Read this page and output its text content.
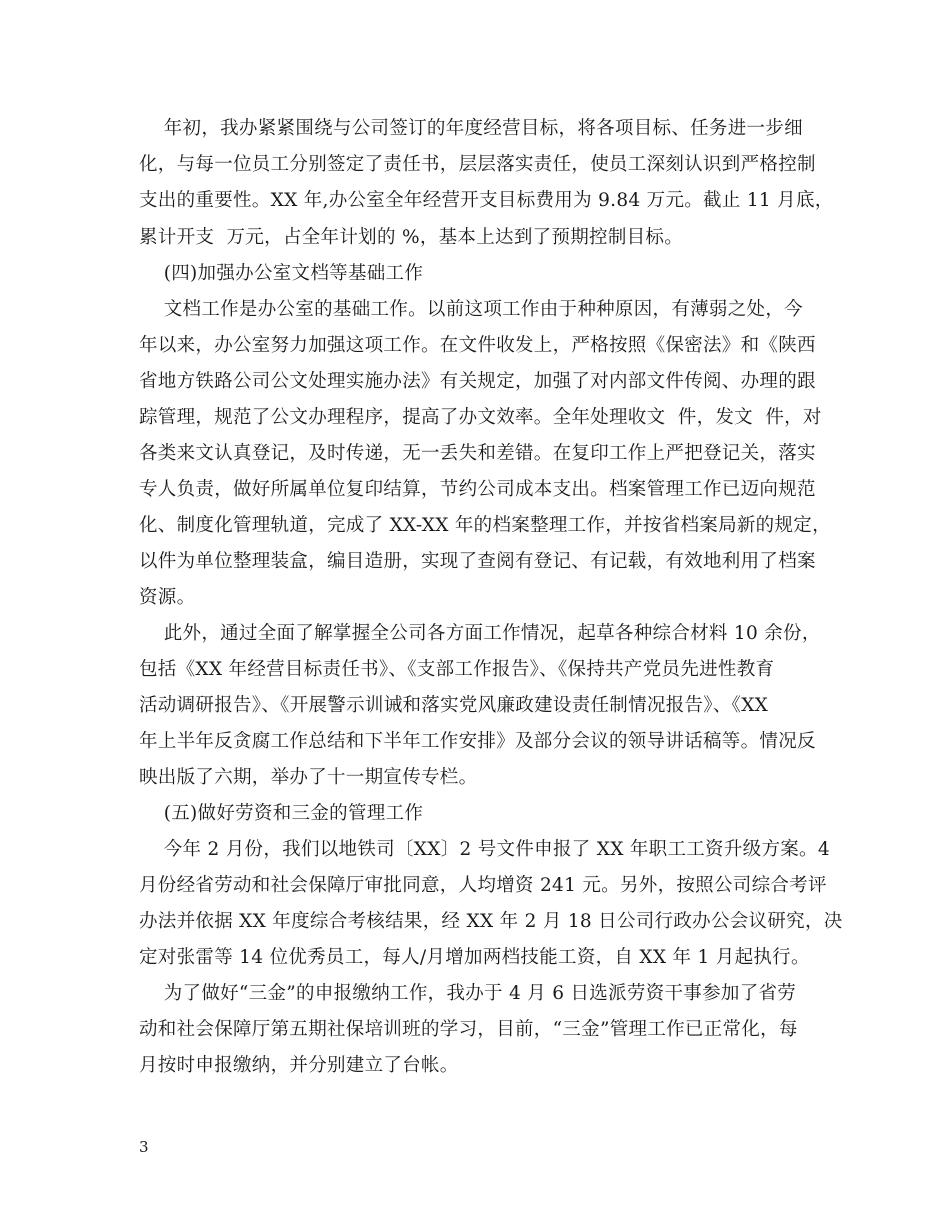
年初，我办紧紧围绕与公司签订的年度经营目标，将各项目标、任务进一步细
化，与每一位员工分别签定了责任书，层层落实责任，使员工深刻认识到严格控制
支出的重要性。XX 年,办公室全年经营开支目标费用为 9.84 万元。截止 11 月底，
累计开支  万元，占全年计划的 %，基本上达到了预期控制目标。
(四)加强办公室文档等基础工作
文档工作是办公室的基础工作。以前这项工作由于种种原因，有薄弱之处，今
年以来，办公室努力加强这项工作。在文件收发上，严格按照《保密法》和《陕西
省地方铁路公司公文处理实施办法》有关规定，加强了对内部文件传阅、办理的跟
踪管理，规范了公文办理程序，提高了办文效率。全年处理收文  件，发文  件，对
各类来文认真登记，及时传递，无一丢失和差错。在复印工作上严把登记关，落实
专人负责，做好所属单位复印结算，节约公司成本支出。档案管理工作已迈向规范
化、制度化管理轨道，完成了 XX-XX 年的档案整理工作，并按省档案局新的规定，
以件为单位整理装盒，编目造册，实现了查阅有登记、有记载，有效地利用了档案
资源。
此外，通过全面了解掌握全公司各方面工作情况，起草各种综合材料 10 余份，
包括《XX 年经营目标责任书》、《支部工作报告》、《保持共产党员先进性教育
活动调研报告》、《开展警示训诫和落实党风廉政建设责任制情况报告》、《XX
年上半年反贪腐工作总结和下半年工作安排》及部分会议的领导讲话稿等。情况反
映出版了六期，举办了十一期宣传专栏。
(五)做好劳资和三金的管理工作
今年 2 月份，我们以地铁司〔XX〕2 号文件申报了 XX 年职工工资升级方案。4
月份经省劳动和社会保障厅审批同意，人均增资 241 元。另外，按照公司综合考评
办法并依据 XX 年度综合考核结果，经 XX 年 2 月 18 日公司行政办公会议研究，决
定对张雷等 14 位优秀员工，每人/月增加两档技能工资，自 XX 年 1 月起执行。
为了做好“三金”的申报缴纳工作，我办于 4 月 6 日选派劳资干事参加了省劳
动和社会保障厅第五期社保培训班的学习，目前，“三金”管理工作已正常化，每
月按时申报缴纳，并分别建立了台帐。
3
